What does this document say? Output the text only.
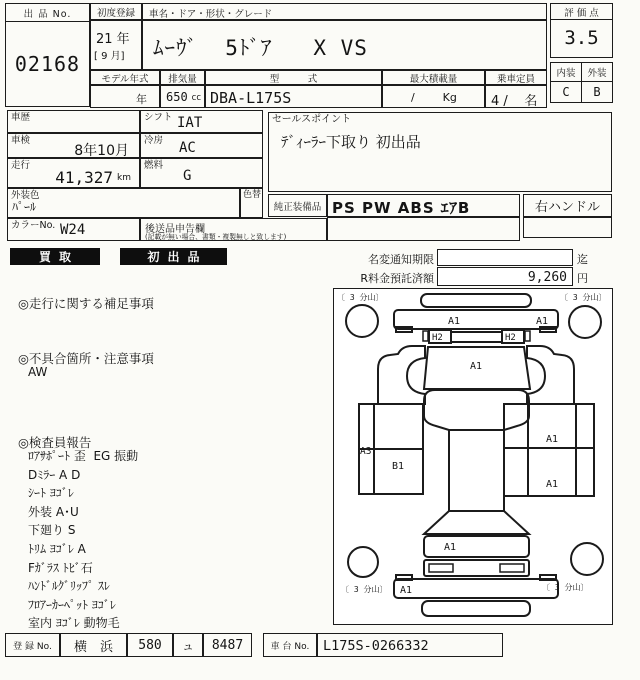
出 品 No.
02168
初度登録
21 年
[ 9 月]
車名・ドア・形状・グレード
ﾑｰｳﾞ  5ﾄﾞｱ   X VS
モデル年式	排気量	型　　　式	最大積載量	乗車定員
年 650 cc DBA-L175S	/        Kg	4 /    名
評 価 点
3.5
内装	外装
C	B
車歴	シフト IAT
車検
8年10月
冷房 AC
走行
41,327 km
燃料
G
外装色
ﾊﾟｰﾙ
色替
カラーNo. W24	後送品申告欄
(記載が無い場合、書類・複製無しと致します)
セールスポイント
ﾃﾞｨｰﾗｰ下取り 初出品
純正装備品 PS PW ABS ｴｱB	右ハンドル
買取	初出品	名変通知期限	迄
R料金預託済額	9,260 円
◎走行に関する補足事項
◎不具合箇所・注意事項
AW
◎検査員報告
ﾛｱｻﾎﾟｰﾄ 歪  EG 振動
Dﾐﾗｰ A D
ｼｰﾄ ﾖｺﾞﾚ
外装 A･U
下廻り S
ﾄﾘﾑ ﾖｺﾞﾚ A
Fｶﾞﾗｽ ﾄﾋﾞ石
ﾊﾝﾄﾞﾙｸﾞﾘｯﾌﾟ ｽﾚ
ﾌﾛｱｰｶｰﾍﾟｯﾄ ﾖｺﾞﾚ
室内 ﾖｺﾞﾚ 動物毛
〔 3 分山〕	〔 3 分山〕
〔 3 分山〕	〔 3 分山〕
A1	A1
H2	H2
A1
A3
B1
A1
A1
A1
A1
登 録 No.	横　浜	580	ュ	8487	車 台 No.	L175S-0266332
